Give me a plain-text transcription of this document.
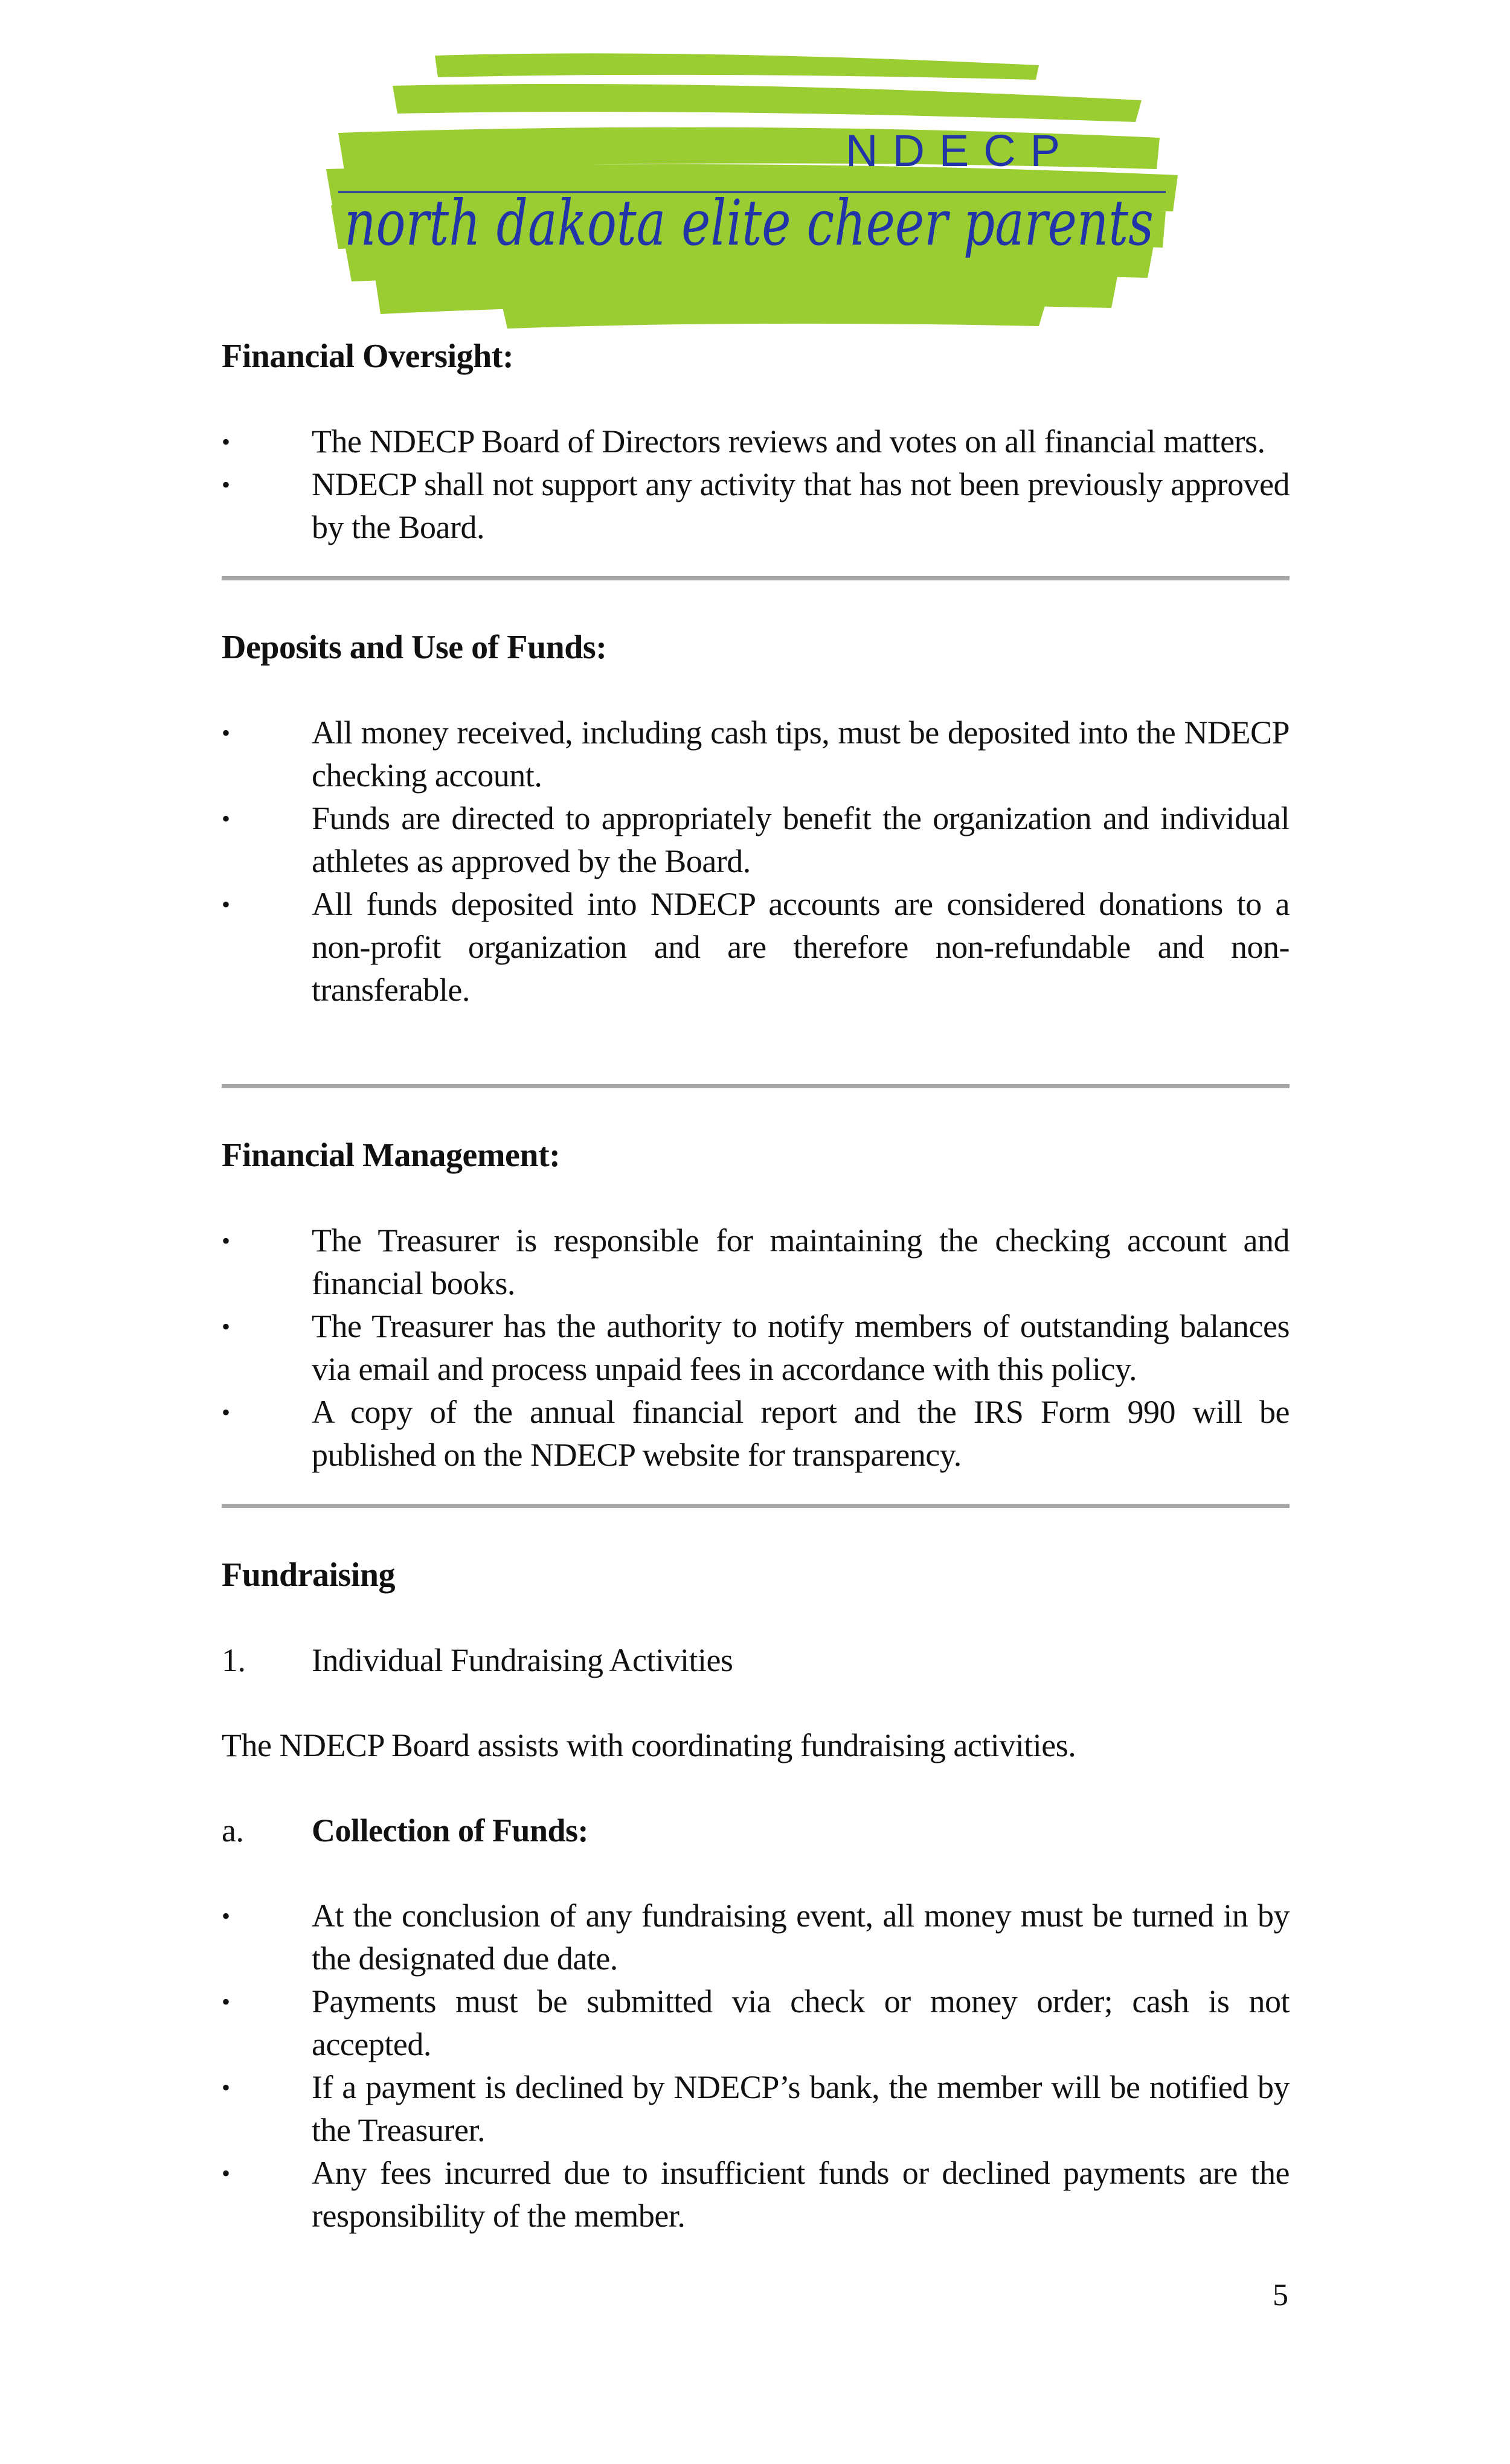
NDECP
north dakota elite cheer parents
Financial Oversight:
•	The NDECP Board of Directors reviews and votes on all financial matters.
•	NDECP shall not support any activity that has not been previously approved by the Board.
Deposits and Use of Funds:
•	All money received, including cash tips, must be deposited into the NDECP checking account.
•	Funds are directed to appropriately benefit the organization and individual athletes as approved by the Board.
•	All funds deposited into NDECP accounts are considered donations to a non-profit organization and are therefore non-refundable and non-transferable.
Financial Management:
•	The Treasurer is responsible for maintaining the checking account and financial books.
•	The Treasurer has the authority to notify members of outstanding balances via email and process unpaid fees in accordance with this policy.
•	A copy of the annual financial report and the IRS Form 990 will be published on the NDECP website for transparency.
Fundraising
1. Individual Fundraising Activities
The NDECP Board assists with coordinating fundraising activities.
a. Collection of Funds:
•	At the conclusion of any fundraising event, all money must be turned in by the designated due date.
•	Payments must be submitted via check or money order; cash is not accepted.
•	If a payment is declined by NDECP’s bank, the member will be notified by the Treasurer.
•	Any fees incurred due to insufficient funds or declined payments are the responsibility of the member.
5
